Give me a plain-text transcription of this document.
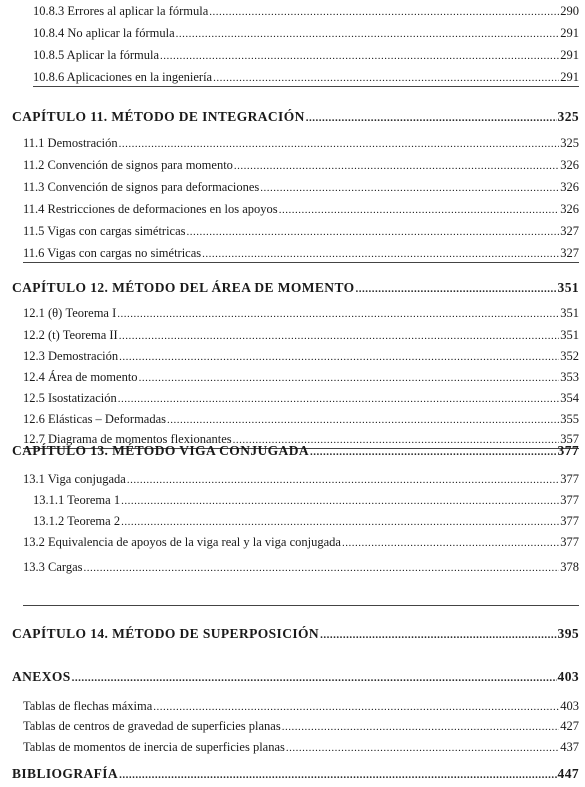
10.8.3 Errores al aplicar la fórmula .....	290
10.8.4 No aplicar la fórmula .....	291
10.8.5 Aplicar la fórmula .....	291
10.8.6 Aplicaciones en la ingeniería .....	291
CAPÍTULO 11. MÉTODO DE INTEGRACIÓN .....	325
11.1 Demostración .....	325
11.2 Convención de signos para momento .....	326
11.3 Convención de signos para deformaciones .....	326
11.4 Restricciones de deformaciones en los apoyos .....	326
11.5 Vigas con cargas simétricas .....	327
11.6 Vigas con cargas no simétricas .....	327
CAPÍTULO 12. MÉTODO DEL ÁREA DE MOMENTO .....	351
12.1 (θ) Teorema I .....	351
12.2 (t) Teorema II .....	351
12.3 Demostración .....	352
12.4 Área de momento .....	353
12.5 Isostatización .....	354
12.6 Elásticas – Deformadas .....	355
12.7 Diagrama de momentos flexionantes .....	357
CAPÍTULO 13. MÉTODO VIGA CONJUGADA .....	377
13.1 Viga conjugada .....	377
13.1.1 Teorema 1 .....	377
13.1.2 Teorema 2 .....	377
13.2 Equivalencia de apoyos de la viga real y la viga conjugada .....	377
13.3 Cargas .....	378
CAPÍTULO 14. MÉTODO DE SUPERPOSICIÓN .....	395
ANEXOS .....	403
Tablas de flechas máxima .....	403
Tablas de centros de gravedad de superficies planas .....	427
Tablas de momentos de inercia de superficies planas .....	437
BIBLIOGRAFÍA .....	447
